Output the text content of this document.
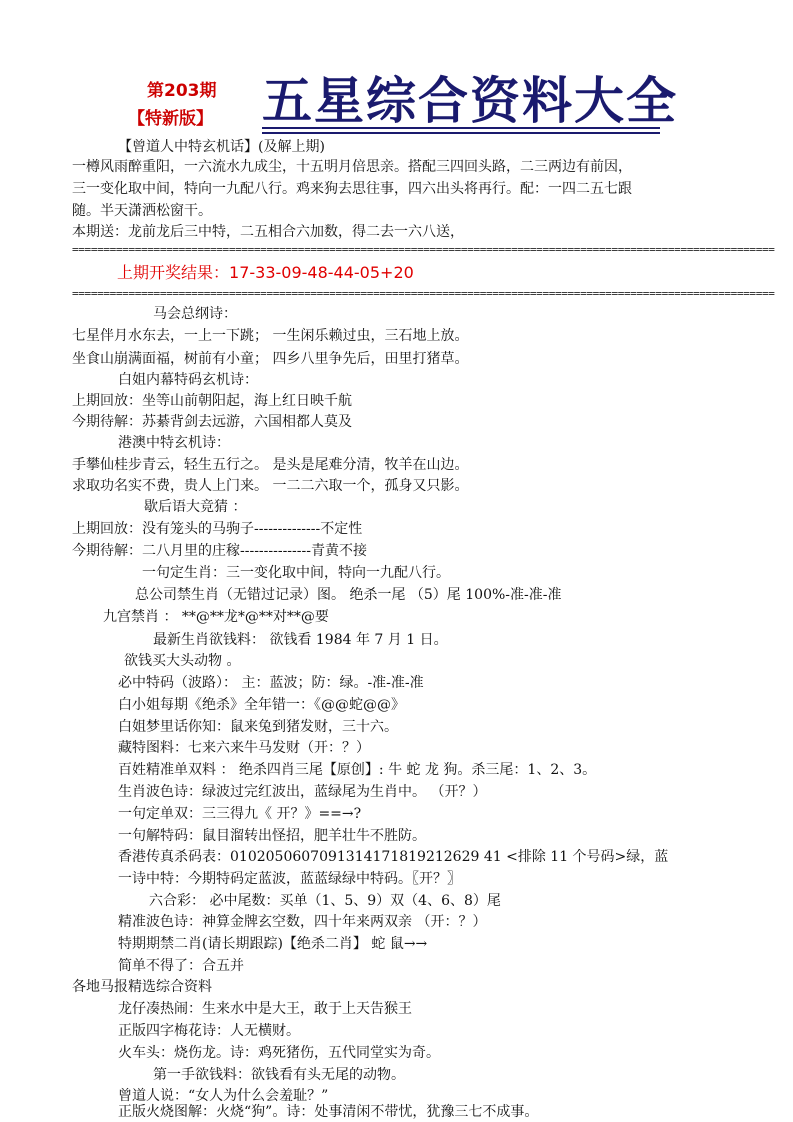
第203期
【特新版】 五星综合资料大全
【曾道人中特玄机话】(及解上期)
一樽风雨醉重阳，一六流水九成尘，十五明月倍思亲。搭配三四回头路，二三两边有前因，
三一变化取中间，特向一九配八行。鸡来狗去思往事，四六出头将再行。配：一四二五七跟
随。半天潇洒松窗干。
本期送：龙前龙后三中特，二五相合六加数，得二去一六八送，
================================================================================================================
上期开奖结果：17-33-09-48-44-05+20
================================================================================================================
马会总纲诗：
七星伴月水东去，一上一下跳； 一生闲乐赖过虫，三石地上放。
坐食山崩满面福，树前有小童； 四乡八里争先后，田里打猪草。
白姐内幕特码玄机诗：
上期回放：坐等山前朝阳起，海上红日映千航
今期待解：苏綦背剑去远游，六国相都人莫及
港澳中特玄机诗：
手攀仙桂步青云，轻生五行之。 是头是尾难分清，牧羊在山边。
求取功名实不费，贵人上门来。 一二二六取一个，孤身又只影。
歇后语大竞猜 ：
上期回放：没有笼头的马驹子--------------不定性
今期待解：二八月里的庄稼---------------青黄不接
一句定生肖：三一变化取中间，特向一九配八行。
总公司禁生肖（无错过记录）图。 绝杀一尾 （5）尾 100%-准-准-准
九宫禁肖 ： **@**龙*@**对**@要
最新生肖欲钱料： 欲钱看 1984 年 7 月 1 日。
欲钱买大头动物 。
必中特码（波路）： 主：蓝波；防：绿。-准-准-准
白小姐每期《绝杀》全年错一：《@@蛇@@》
白姐梦里话你知：鼠来兔到猪发财，三十六。
藏特图料：七来六来牛马发财（开：？）
百姓精准单双料 ： 绝杀四肖三尾【原创】: 牛 蛇 龙 狗。杀三尾：1、2、3。
生肖波色诗：绿波过完红波出，蓝绿尾为生肖中。 （开？）
一句定单双：三三得九《 开？》==→?
一句解特码：鼠目溜转出怪招，肥羊壮牛不胜防。
香港传真杀码表：0102050607091314171819212629 41 <排除 11 个号码>绿，蓝
一诗中特：今期特码定蓝波，蓝蓝绿绿中特码。〖开？〗
六合彩： 必中尾数：买单（1、5、9）双（4、6、8）尾
精准波色诗：神算金牌玄空数，四十年来两双亲 （开：？）
特期期禁二肖(请长期跟踪)【绝杀二肖】 蛇 鼠→→
简单不得了：合五并
各地马报精选综合资料
龙仔凑热闹：生来水中是大王，敢于上天告猴王
正版四字梅花诗：人无横财。
火车头：烧伤龙。诗：鸡死猪伤，五代同堂实为奇。
第一手欲钱料：欲钱看有头无尾的动物。
曾道人说：“女人为什么会羞耻？”
正版火烧图解：火烧“狗”。诗：处事清闲不带忧，犹豫三七不成事。
